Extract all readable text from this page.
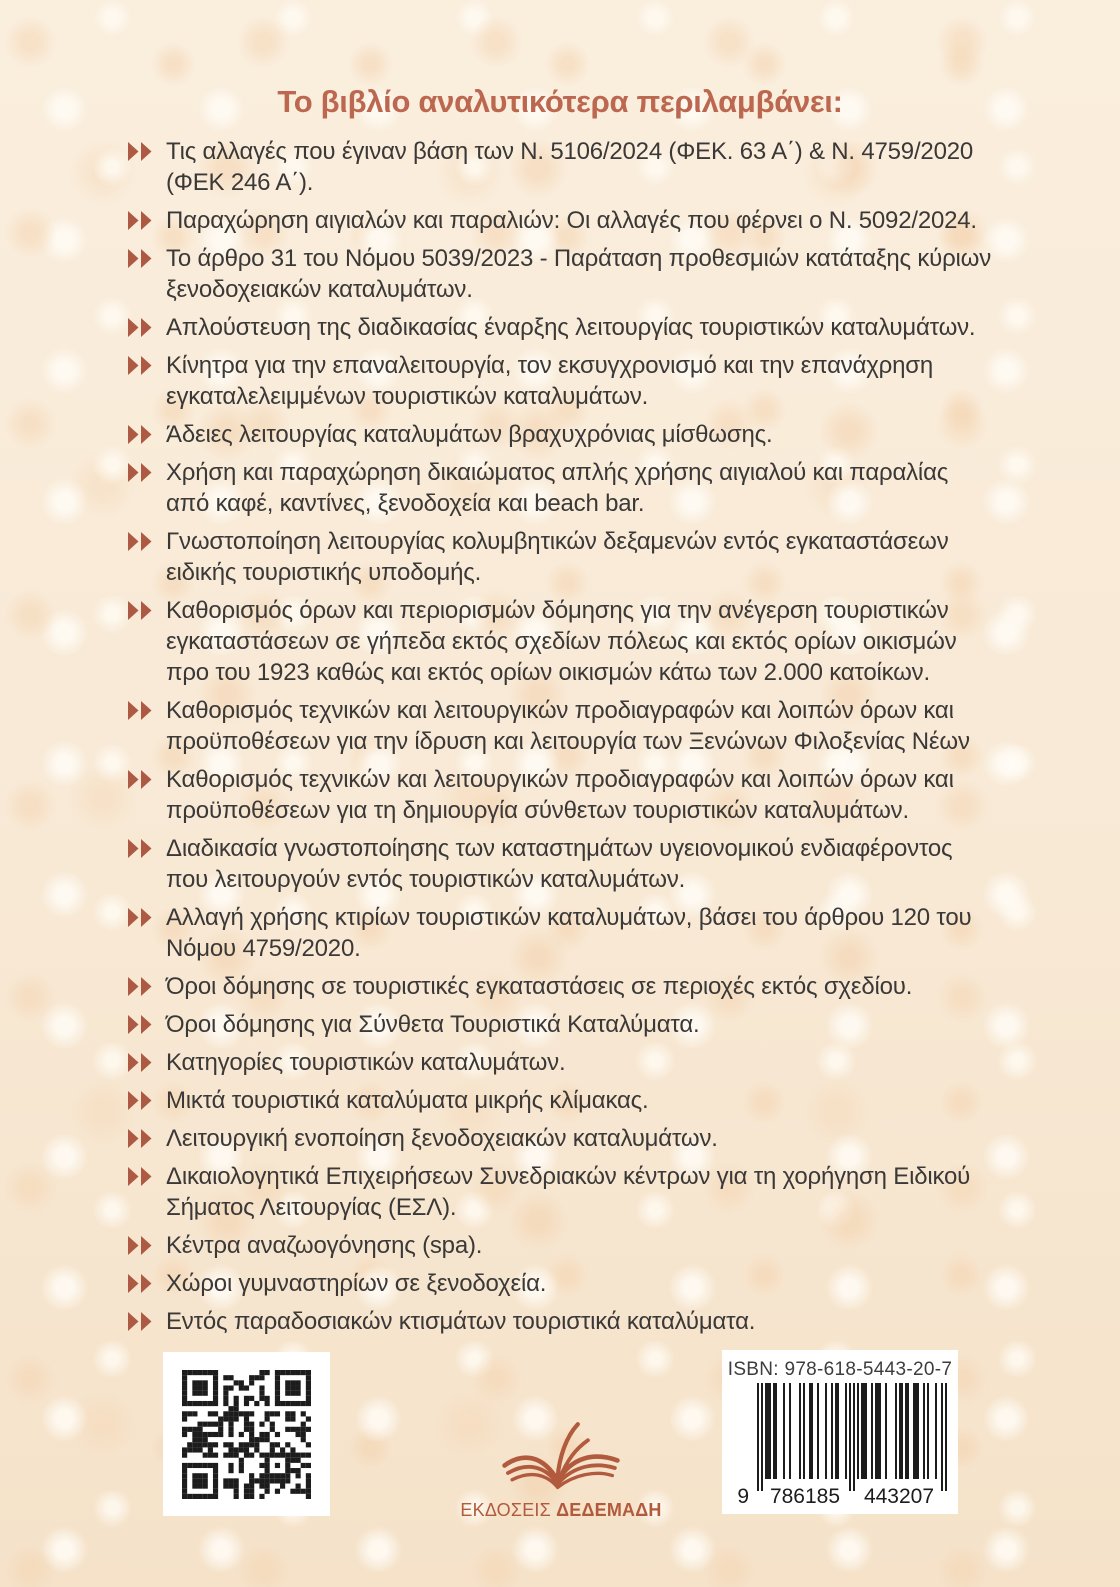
Το βιβλίο αναλυτικότερα περιλαμβάνει:
Τις αλλαγές που έγιναν βάση των Ν. 5106/2024 (ΦΕΚ. 63 Α΄) & Ν. 4759/2020 (ΦΕΚ 246 Α΄).
Παραχώρηση αιγιαλών και παραλιών: Οι αλλαγές που φέρνει ο Ν. 5092/2024.
Το άρθρο 31 του Νόμου 5039/2023 - Παράταση προθεσμιών κατάταξης κύριων ξενοδοχειακών καταλυμάτων.
Απλούστευση της διαδικασίας έναρξης λειτουργίας τουριστικών καταλυμάτων.
Κίνητρα για την επαναλειτουργία, τον εκσυγχρονισμό και την επανάχρηση εγκαταλελειμμένων τουριστικών καταλυμάτων.
Άδειες λειτουργίας καταλυμάτων βραχυχρόνιας μίσθωσης.
Χρήση και παραχώρηση δικαιώματος απλής χρήσης αιγιαλού και παραλίας από καφέ, καντίνες, ξενοδοχεία και beach bar.
Γνωστοποίηση λειτουργίας κολυμβητικών δεξαμενών εντός εγκαταστάσεων ειδικής τουριστικής υποδομής.
Καθορισμός όρων και περιορισμών δόμησης για την ανέγερση τουριστικών εγκαταστάσεων σε γήπεδα εκτός σχεδίων πόλεως και εκτός ορίων οικισμών προ του 1923 καθώς και εκτός ορίων οικισμών κάτω των 2.000 κατοίκων.
Καθορισμός τεχνικών και λειτουργικών προδιαγραφών και λοιπών όρων και προϋποθέσεων για την ίδρυση και λειτουργία των Ξενώνων Φιλοξενίας Νέων
Καθορισμός τεχνικών και λειτουργικών προδιαγραφών και λοιπών όρων και προϋποθέσεων για τη δημιουργία σύνθετων τουριστικών καταλυμάτων.
Διαδικασία γνωστοποίησης των καταστημάτων υγειονομικού ενδιαφέροντος που λειτουργούν εντός τουριστικών καταλυμάτων.
Αλλαγή χρήσης κτιρίων τουριστικών καταλυμάτων, βάσει του άρθρου 120 του Νόμου 4759/2020.
Όροι δόμησης σε τουριστικές εγκαταστάσεις σε περιοχές εκτός σχεδίου.
Όροι δόμησης για Σύνθετα Τουριστικά Καταλύματα.
Κατηγορίες τουριστικών καταλυμάτων.
Μικτά τουριστικά καταλύματα μικρής κλίμακας.
Λειτουργική ενοποίηση ξενοδοχειακών καταλυμάτων.
Δικαιολογητικά Επιχειρήσεων Συνεδριακών κέντρων για τη χορήγηση Ειδικού Σήματος Λειτουργίας (ΕΣΛ).
Κέντρα αναζωογόνησης (spa).
Χώροι γυμναστηρίων σε ξενοδοχεία.
Εντός παραδοσιακών κτισμάτων τουριστικά καταλύματα.
ΕΚΔΟΣΕΙΣ ΔΕΔΕΜΑΔΗ
ISBN: 978-618-5443-20-7
9 786185 443207
